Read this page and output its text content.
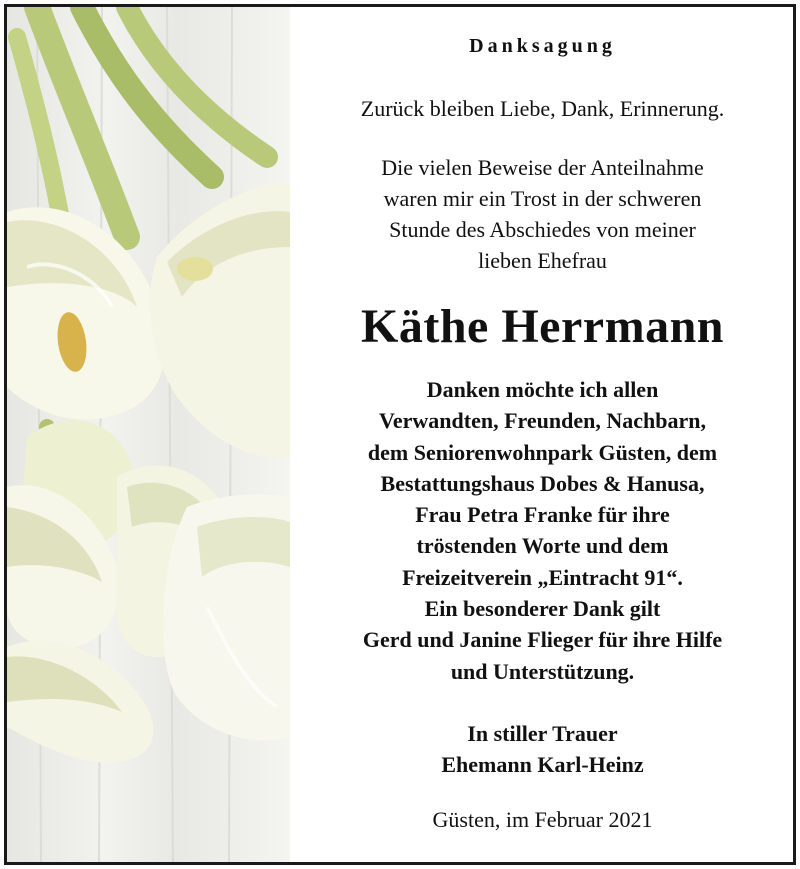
Danksagung
Zurück bleiben Liebe, Dank, Erinnerung.
Die vielen Beweise der Anteilnahme
waren mir ein Trost in der schweren
Stunde des Abschiedes von meiner
lieben Ehefrau
Käthe Herrmann
Danken möchte ich allen
Verwandten, Freunden, Nachbarn,
dem Seniorenwohnpark Güsten, dem
Bestattungshaus Dobes & Hanusa,
Frau Petra Franke für ihre
tröstenden Worte und dem
Freizeitverein „Eintracht 91“.
Ein besonderer Dank gilt
Gerd und Janine Flieger für ihre Hilfe
und Unterstützung.
In stiller Trauer
Ehemann Karl-Heinz
Güsten, im Februar 2021
